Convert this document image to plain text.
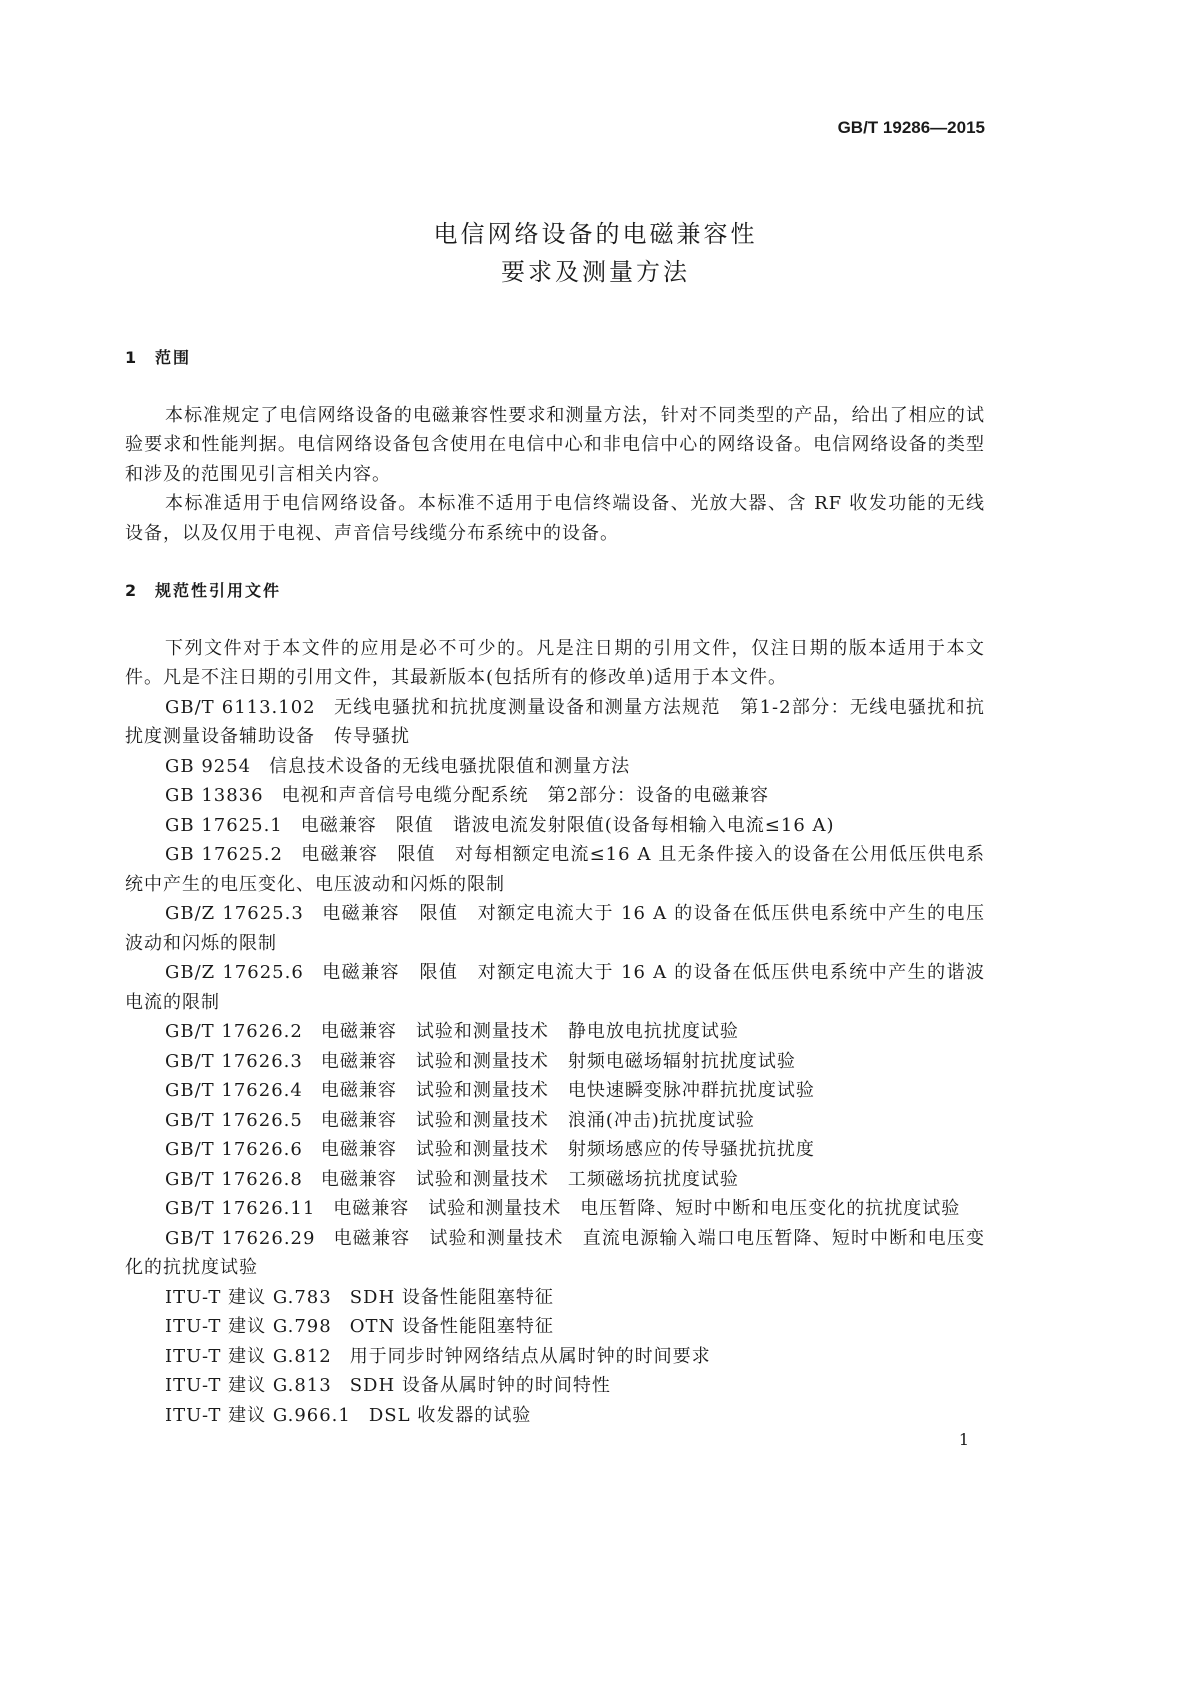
GB/T 19286—2015
电信网络设备的电磁兼容性
要求及测量方法
1 范围

本标准规定了电信网络设备的电磁兼容性要求和测量方法，针对不同类型的产品，给出了相应的试验要求和性能判据。电信网络设备包含使用在电信中心和非电信中心的网络设备。电信网络设备的类型和涉及的范围见引言相关内容。

本标准适用于电信网络设备。本标准不适用于电信终端设备、光放大器、含 RF 收发功能的无线设备，以及仅用于电视、声音信号线缆分布系统中的设备。

2 规范性引用文件

下列文件对于本文件的应用是必不可少的。凡是注日期的引用文件，仅注日期的版本适用于本文件。凡是不注日期的引用文件，其最新版本(包括所有的修改单)适用于本文件。

GB/T 6113.102 无线电骚扰和抗扰度测量设备和测量方法规范　第1-2部分：无线电骚扰和抗扰度测量设备辅助设备　传导骚扰

GB 9254 信息技术设备的无线电骚扰限值和测量方法

GB 13836 电视和声音信号电缆分配系统　第2部分：设备的电磁兼容

GB 17625.1 电磁兼容　限值　谐波电流发射限值(设备每相输入电流≤16 A)

GB 17625.2 电磁兼容　限值　对每相额定电流≤16 A 且无条件接入的设备在公用低压供电系统中产生的电压变化、电压波动和闪烁的限制

GB/Z 17625.3 电磁兼容　限值　对额定电流大于 16 A 的设备在低压供电系统中产生的电压波动和闪烁的限制

GB/Z 17625.6 电磁兼容　限值　对额定电流大于 16 A 的设备在低压供电系统中产生的谐波电流的限制

GB/T 17626.2 电磁兼容　试验和测量技术　静电放电抗扰度试验

GB/T 17626.3 电磁兼容　试验和测量技术　射频电磁场辐射抗扰度试验

GB/T 17626.4 电磁兼容　试验和测量技术　电快速瞬变脉冲群抗扰度试验

GB/T 17626.5 电磁兼容　试验和测量技术　浪涌(冲击)抗扰度试验

GB/T 17626.6 电磁兼容　试验和测量技术　射频场感应的传导骚扰抗扰度

GB/T 17626.8 电磁兼容　试验和测量技术　工频磁场抗扰度试验

GB/T 17626.11 电磁兼容　试验和测量技术　电压暂降、短时中断和电压变化的抗扰度试验

GB/T 17626.29 电磁兼容　试验和测量技术　直流电源输入端口电压暂降、短时中断和电压变化的抗扰度试验

ITU-T 建议 G.783 SDH 设备性能阻塞特征

ITU-T 建议 G.798 OTN 设备性能阻塞特征

ITU-T 建议 G.812 用于同步时钟网络结点从属时钟的时间要求

ITU-T 建议 G.813 SDH 设备从属时钟的时间特性

ITU-T 建议 G.966.1 DSL 收发器的试验

1
